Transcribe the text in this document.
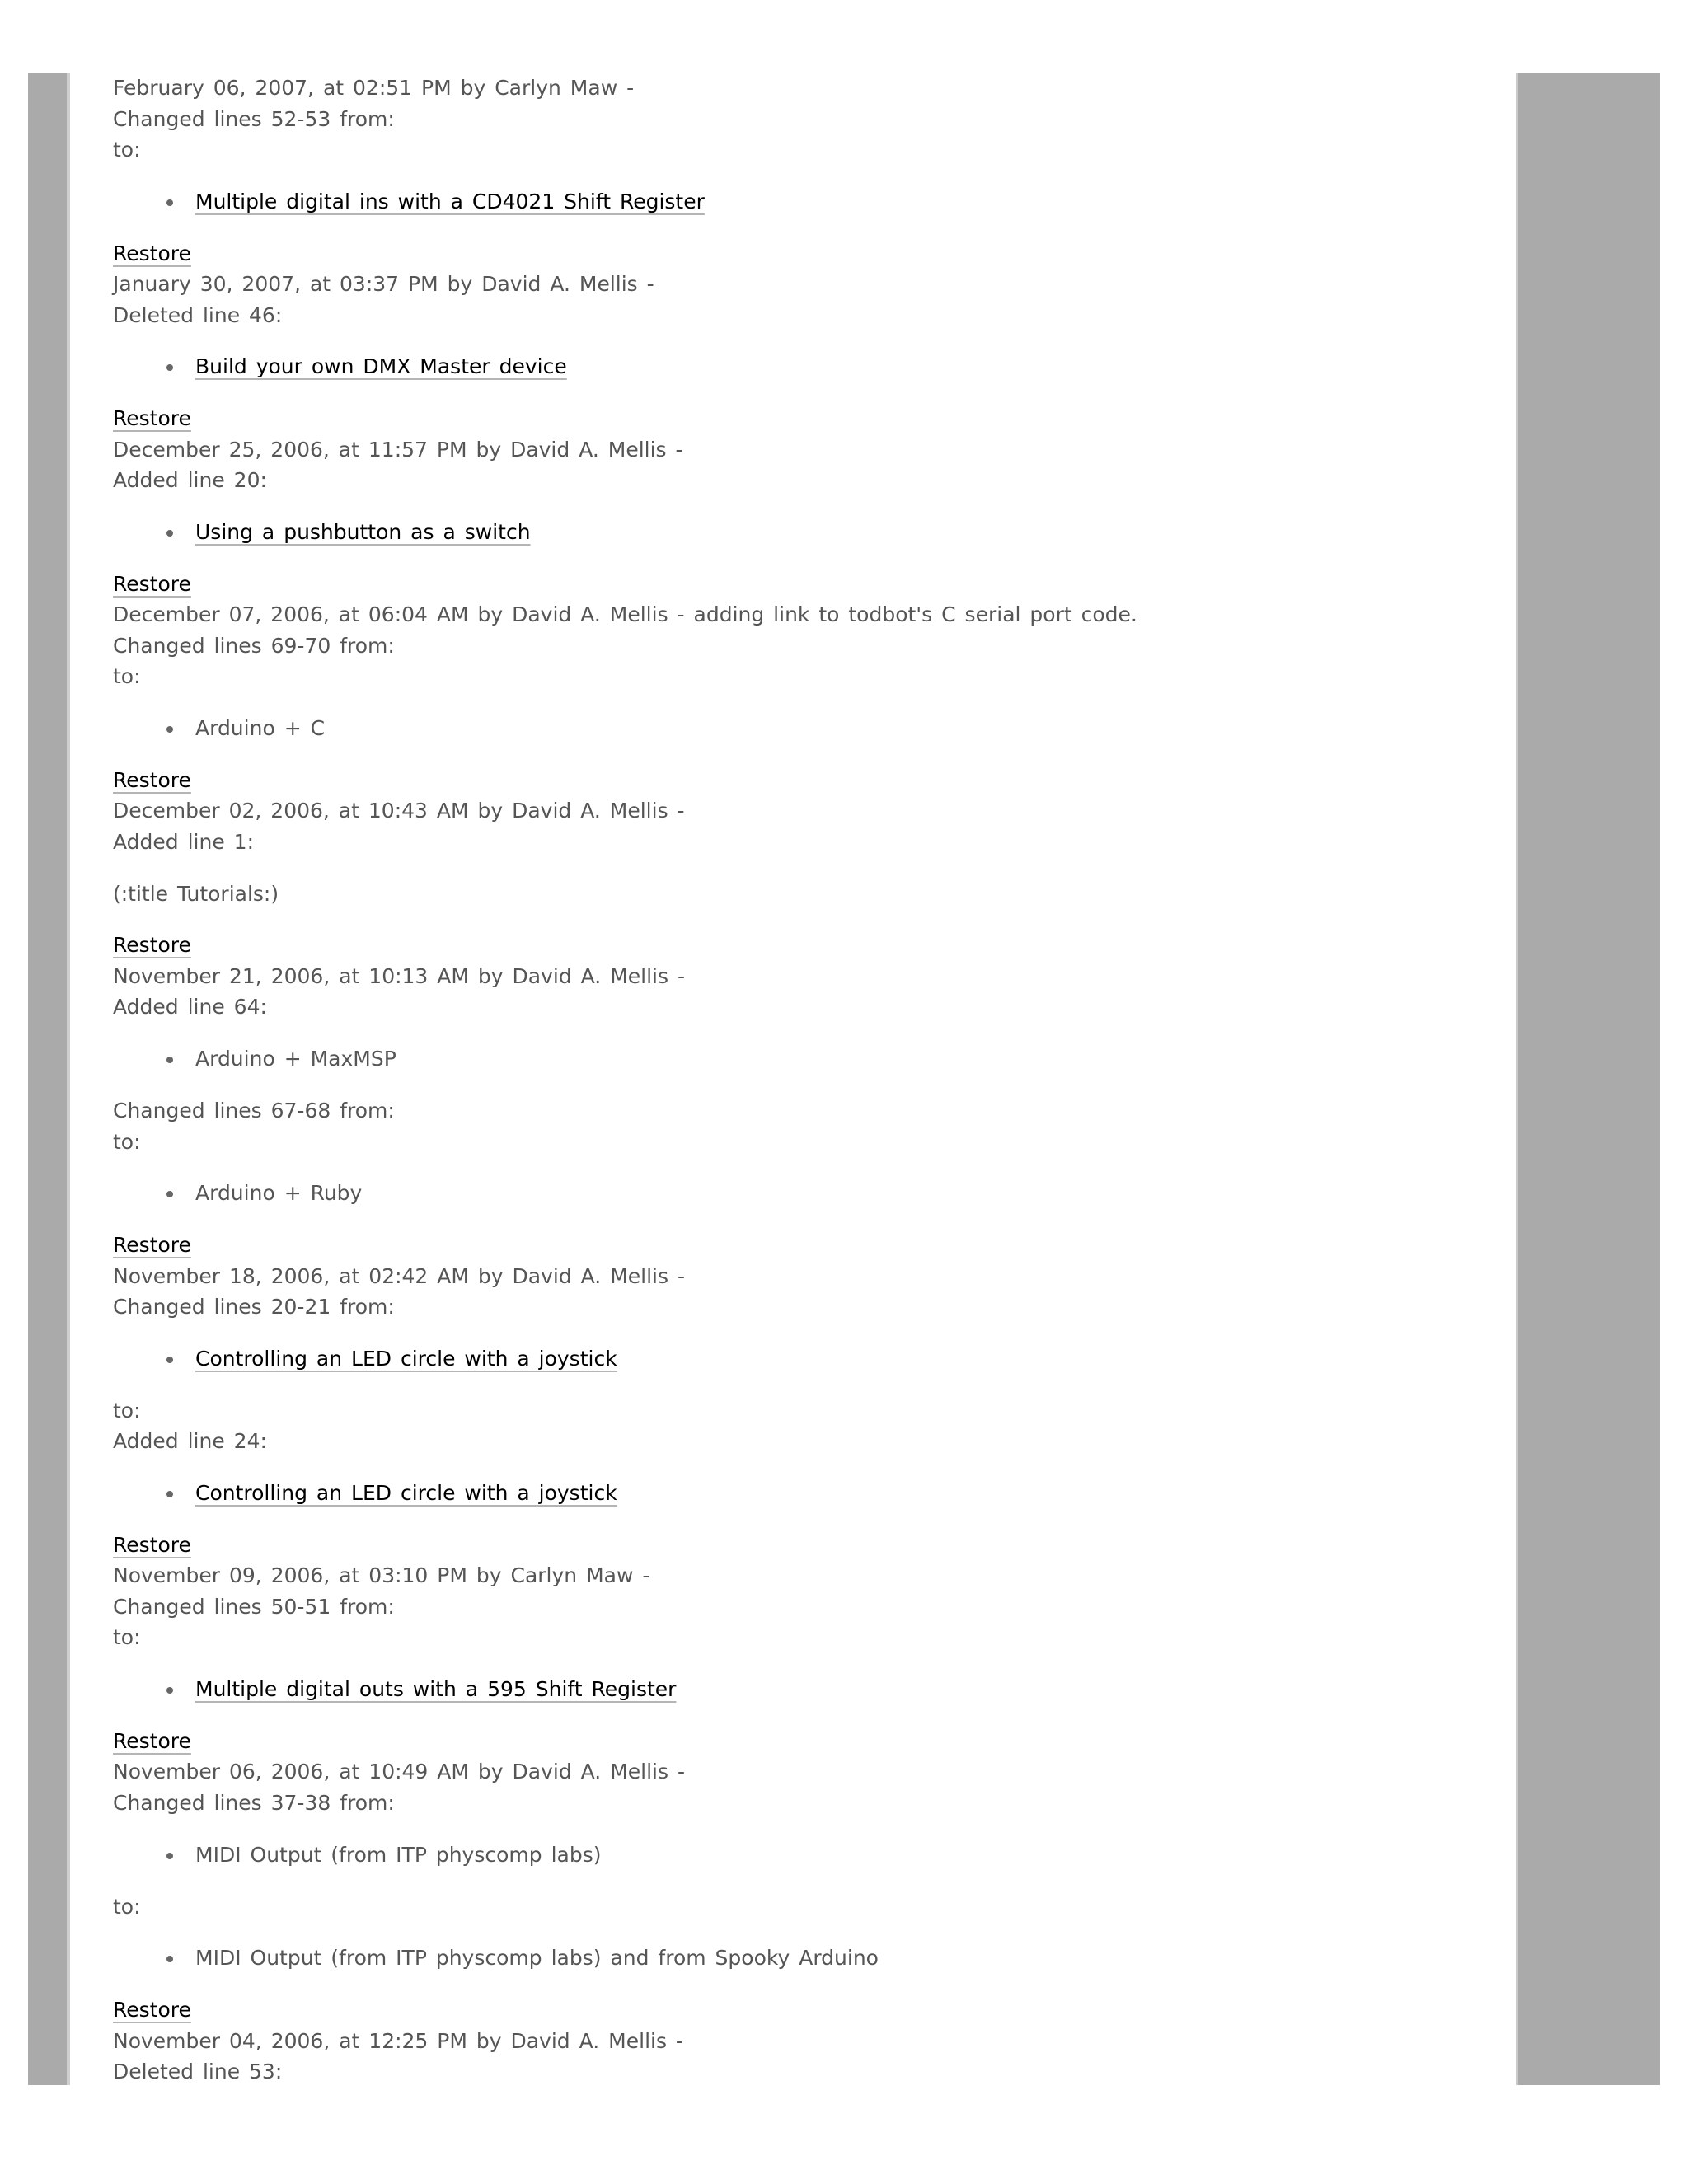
February 06, 2007, at 02:51 PM by Carlyn Maw -
Changed lines 52-53 from:
to:
Multiple digital ins with a CD4021 Shift Register
Restore
January 30, 2007, at 03:37 PM by David A. Mellis -
Deleted line 46:
Build your own DMX Master device
Restore
December 25, 2006, at 11:57 PM by David A. Mellis -
Added line 20:
Using a pushbutton as a switch
Restore
December 07, 2006, at 06:04 AM by David A. Mellis - adding link to todbot's C serial port code.
Changed lines 69-70 from:
to:
Arduino + C
Restore
December 02, 2006, at 10:43 AM by David A. Mellis -
Added line 1:

(:title Tutorials:)

Restore
November 21, 2006, at 10:13 AM by David A. Mellis -
Added line 64:
Arduino + MaxMSP
Changed lines 67-68 from:
to:
Arduino + Ruby
Restore
November 18, 2006, at 02:42 AM by David A. Mellis -
Changed lines 20-21 from:
Controlling an LED circle with a joystick
to:
Added line 24:
Controlling an LED circle with a joystick
Restore
November 09, 2006, at 03:10 PM by Carlyn Maw -
Changed lines 50-51 from:
to:
Multiple digital outs with a 595 Shift Register
Restore
November 06, 2006, at 10:49 AM by David A. Mellis -
Changed lines 37-38 from:
MIDI Output (from ITP physcomp labs)
to:
MIDI Output (from ITP physcomp labs) and from Spooky Arduino
Restore
November 04, 2006, at 12:25 PM by David A. Mellis -
Deleted line 53:
